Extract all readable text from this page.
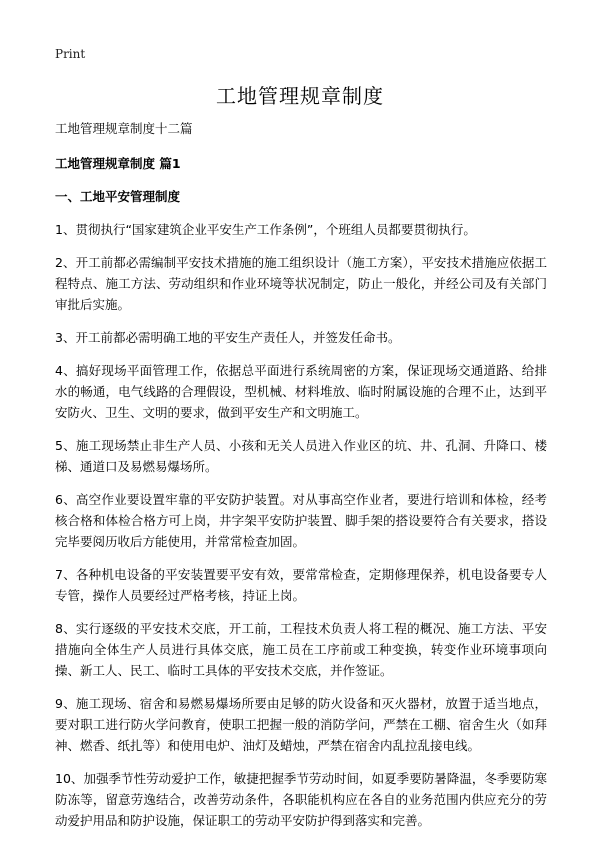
Print
工地管理规章制度

工地管理规章制度十二篇

工地管理规章制度 篇1

一、工地平安管理制度

1、贯彻执行“国家建筑企业平安生产工作条例”，个班组人员都要贯彻执行。

2、开工前都必需编制平安技术措施的施工组织设计（施工方案），平安技术措施应依据工程特点、施工方法、劳动组织和作业环境等状况制定，防止一般化，并经公司及有关部门审批后实施。

3、开工前都必需明确工地的平安生产责任人，并签发任命书。

4、搞好现场平面管理工作，依据总平面进行系统周密的方案，保证现场交通道路、给排水的畅通，电气线路的合理假设，型机械、材料堆放、临时附属设施的合理不止，达到平安防火、卫生、文明的要求，做到平安生产和文明施工。

5、施工现场禁止非生产人员、小孩和无关人员进入作业区的坑、井、孔洞、升降口、楼梯、通道口及易燃易爆场所。

6、高空作业要设置牢靠的平安防护装置。对从事高空作业者，要进行培训和体检，经考核合格和体检合格方可上岗，井字架平安防护装置、脚手架的搭设要符合有关要求，搭设完毕要阅历收后方能使用，并常常检查加固。

7、各种机电设备的平安装置要平安有效，要常常检查，定期修理保养，机电设备要专人专管，操作人员要经过严格考核，持证上岗。

8、实行逐级的平安技术交底，开工前，工程技术负责人将工程的概况、施工方法、平安措施向全体生产人员进行具体交底，施工员在工序前或工种变换，转变作业环境事项向操、新工人、民工、临时工具体的平安技术交底，并作签证。

9、施工现场、宿舍和易燃易爆场所要由足够的防火设备和灭火器材，放置于适当地点，要对职工进行防火学问教育，使职工把握一般的消防学问，严禁在工棚、宿舍生火（如拜神、燃香、纸扎等）和使用电炉、油灯及蜡烛，严禁在宿舍内乱拉乱接电线。

10、加强季节性劳动爱护工作，敏捷把握季节劳动时间，如夏季要防暑降温，冬季要防寒防冻等，留意劳逸结合，改善劳动条件，各职能机构应在各自的业务范围内供应充分的劳动爱护用品和防护设施，保证职工的劳动平安防护得到落实和完善。
